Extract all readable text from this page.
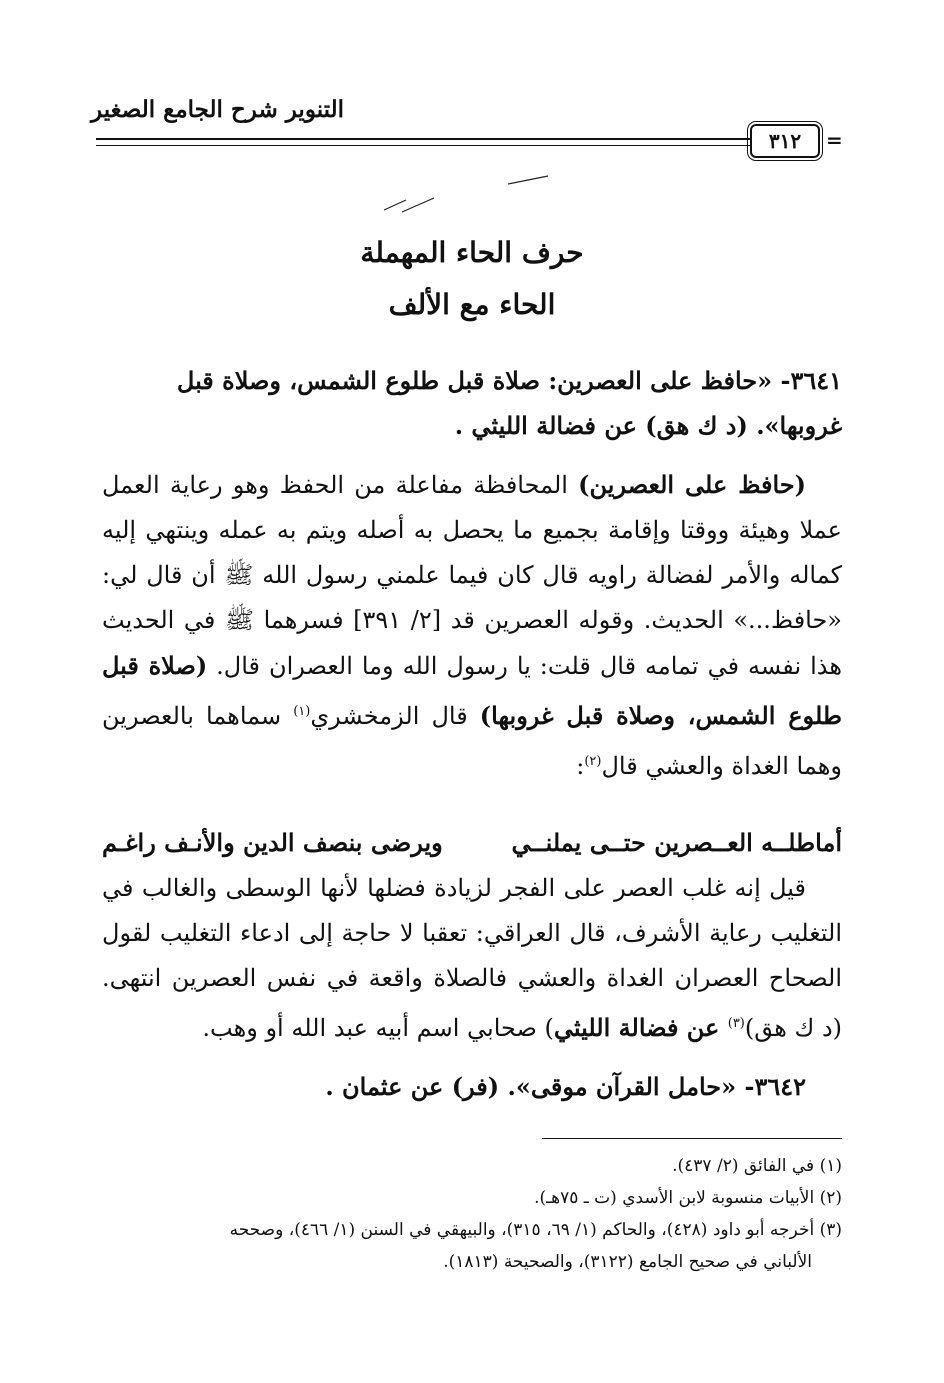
التنوير شرح الجامع الصغير
٣١٢	=
حرف الحاء المهملة
الحاء مع الألف

٣٦٤١- «حافظ على العصرين: صلاة قبل طلوع الشمس، وصلاة قبل

غروبها». (د ك هق) عن فضالة الليثي .

(حافظ على العصرين) المحافظة مفاعلة من الحفظ وهو رعاية العمل عملا وهيئة ووقتا وإقامة بجميع ما يحصل به أصله ويتم به عمله وينتهي إليه كماله والأمر لفضالة راويه قال كان فيما علمني رسول الله ﷺ أن قال لي: «حافظ...» الحديث. وقوله العصرين قد [٢/ ٣٩١] فسرهما ﷺ في الحديث هذا نفسه في تمامه قال قلت: يا رسول الله وما العصران قال. (صلاة قبل طلوع الشمس، وصلاة قبل غروبها) قال الزمخشري$^{(١)}$ سماهما بالعصرين وهما الغداة والعشي قال$^{(٢)}$:

أماطلــه العــصرين حتــى يملنــي
ويرضى بنصف الدين والأنـف راغـم

قيل إنه غلب العصر على الفجر لزيادة فضلها لأنها الوسطى والغالب في التغليب رعاية الأشرف، قال العراقي: تعقبا لا حاجة إلى ادعاء التغليب لقول الصحاح العصران الغداة والعشي فالصلاة واقعة في نفس العصرين انتهى. (د ك هق)$^{(٣)}$ عن فضالة الليثي) صحابي اسم أبيه عبد الله أو وهب.

٣٦٤٢- «حامل القرآن موقى». (فر) عن عثمان .

(١) في الفائق (٢/ ٤٣٧).

(٢) الأبيات منسوبة لابن الأسدي (ت ـ ٧٥هـ).

(٣) أخرجه أبو داود (٤٢٨)، والحاكم (١/ ٦٩، ٣١٥)، والبيهقي في السنن (١/ ٤٦٦)، وصححه

الألباني في صحيح الجامع (٣١٢٢)، والصحيحة (١٨١٣).
